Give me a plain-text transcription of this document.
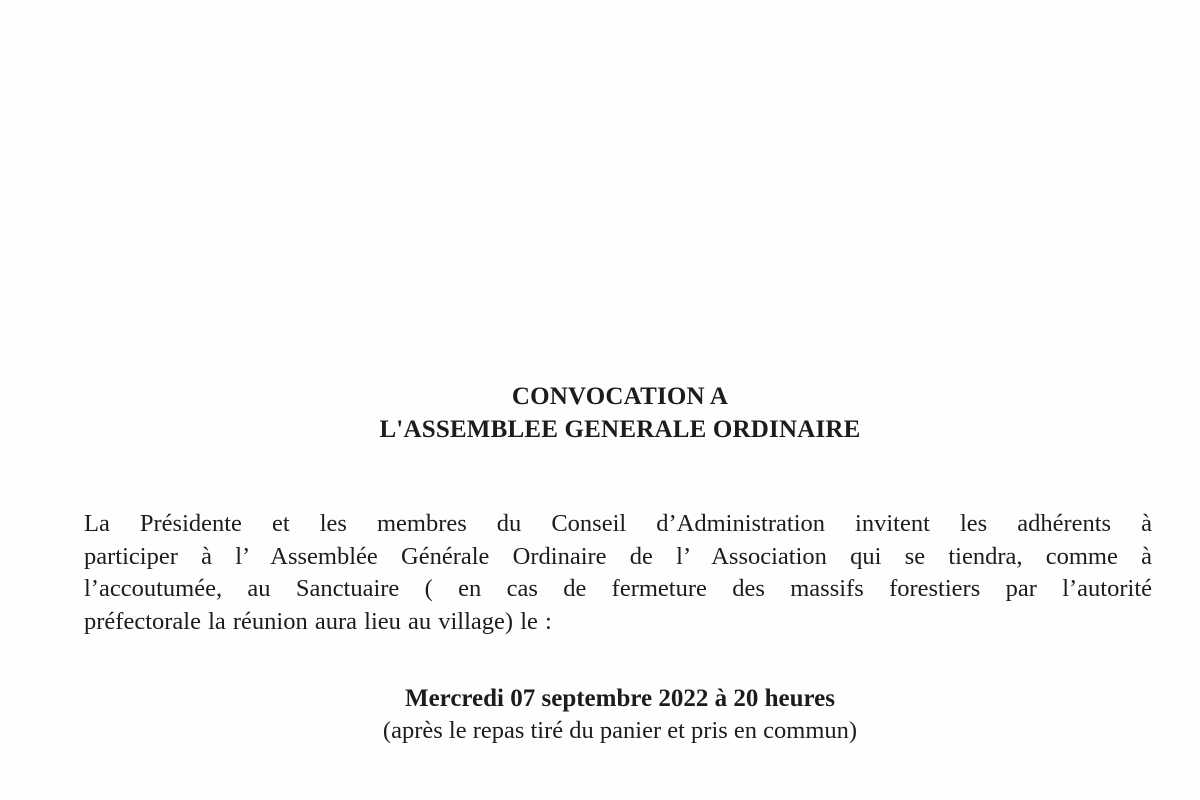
CONVOCATION A
L'ASSEMBLEE GENERALE ORDINAIRE
La Présidente et les membres du Conseil d’Administration invitent les adhérents à
participer à l’ Assemblée Générale Ordinaire de l’ Association qui se tiendra, comme à
l’accoutumée, au Sanctuaire ( en cas de fermeture des massifs forestiers par l’autorité
préfectorale la réunion aura lieu au village) le :
Mercredi 07 septembre 2022 à 20 heures
(après le repas tiré du panier et pris en commun)
